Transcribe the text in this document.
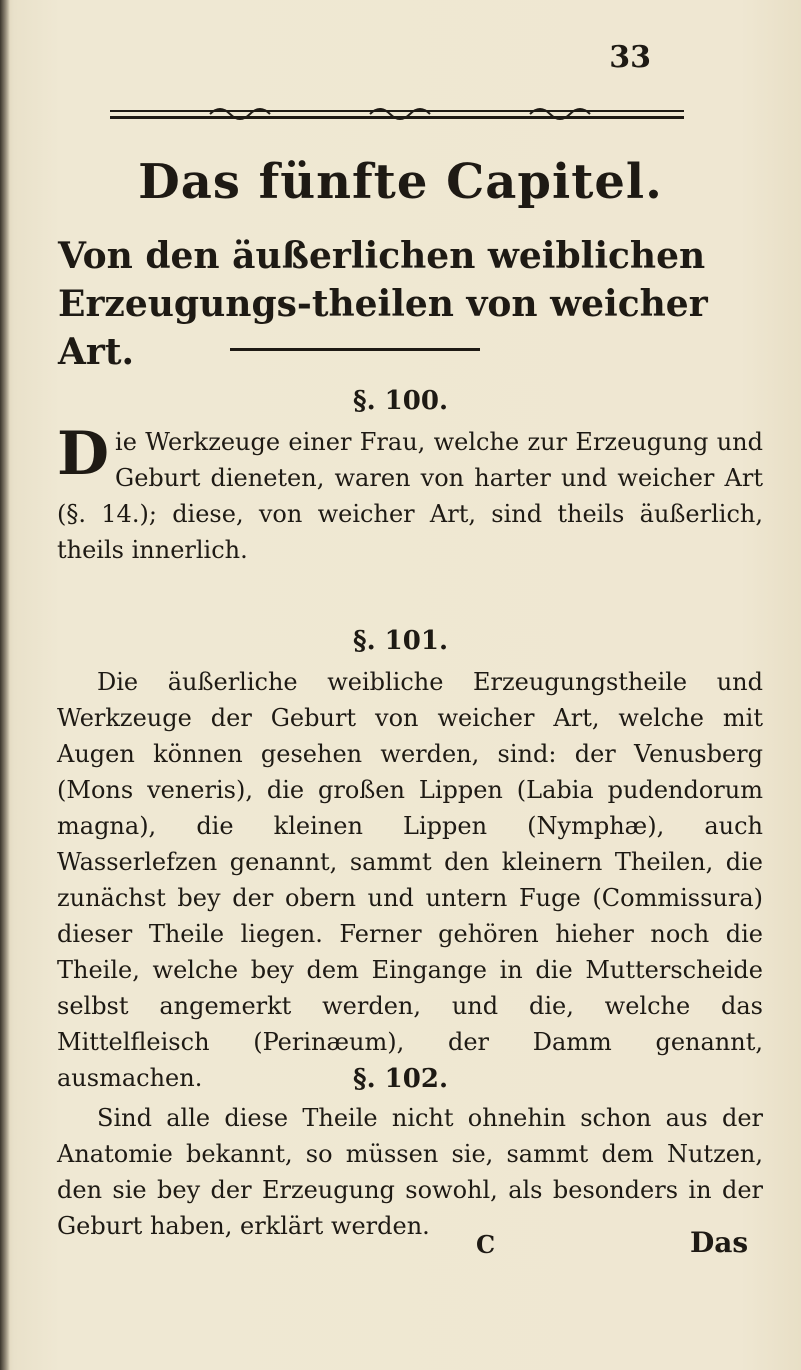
33
Das fünfte Capitel.
Von den äußerlichen weiblichen Erzeugungs-theilen von weicher Art.
§. 100.
Die Werkzeuge einer Frau, welche zur Erzeugung und Geburt dieneten, waren von harter und weicher Art (§. 14.); diese, von weicher Art, sind theils äußerlich, theils innerlich.
§. 101.
Die äußerliche weibliche Erzeugungstheile und Werkzeuge der Geburt von weicher Art, welche mit Augen können gesehen werden, sind: der Venusberg (Mons veneris), die großen Lippen (Labia pudendorum magna), die kleinen Lippen (Nymphæ), auch Wasserlefzen genannt, sammt den kleinern Theilen, die zunächst bey der obern und untern Fuge (Commissura) dieser Theile liegen. Ferner gehören hieher noch die Theile, welche bey dem Eingange in die Mutterscheide selbst angemerkt werden, und die, welche das Mittelfleisch (Perinæum), der Damm genannt, ausmachen.	§. 102.
Sind alle diese Theile nicht ohnehin schon aus der Anatomie bekannt, so müssen sie, sammt dem Nutzen, den sie bey der Erzeugung sowohl, als besonders in der Geburt haben, erklärt werden.
C	Das
